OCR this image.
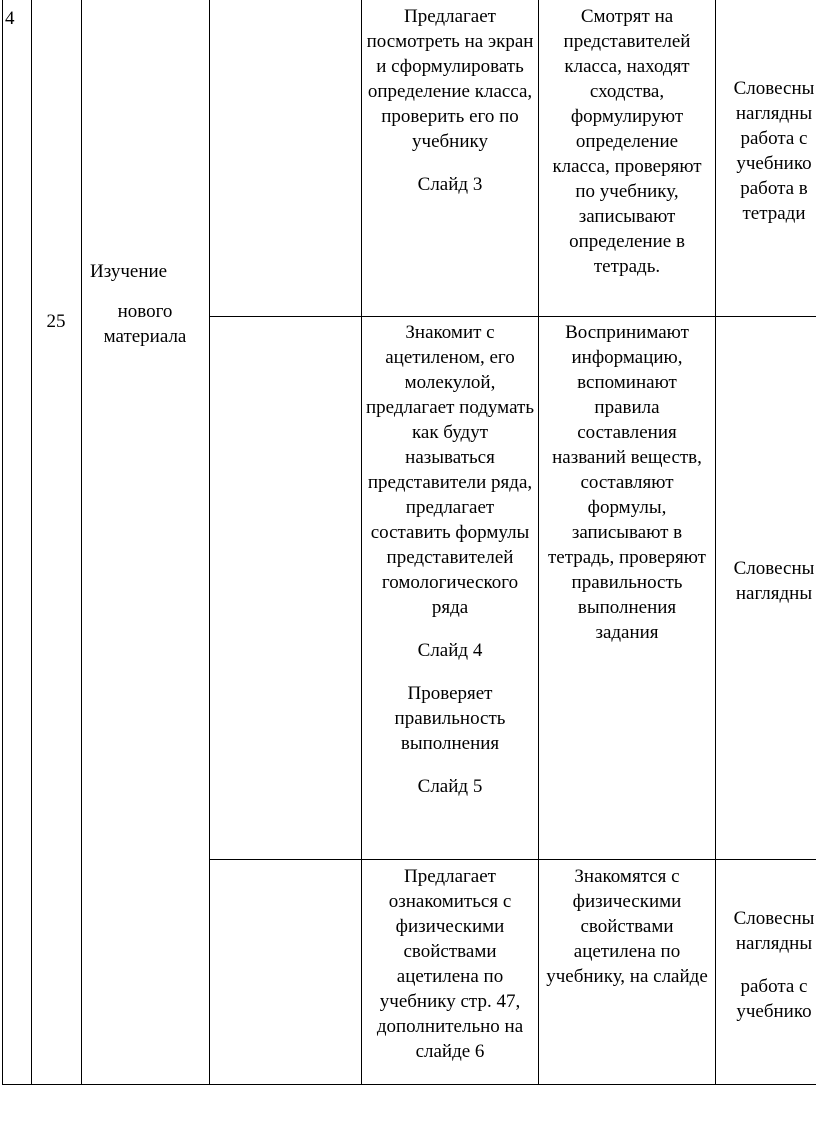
4
25

Изучение

нового материала

Предлагает посмотреть на экран и сформулировать определение класса, проверить его по учебнику

Слайд 3

Смотрят на представителей класса, находят сходства, формулируют определение класса, проверяют по учебнику, записывают определение в тетрадь.

Словесны наглядны работа с учебнико работа в тетради

Знакомит с ацетиленом, его молекулой, предлагает подумать как будут называться представители ряда, предлагает составить формулы представителей гомологического ряда

Слайд 4

Проверяет правильность выполнения

Слайд 5

Воспринимают информацию, вспоминают правила составления названий веществ, составляют формулы, записывают в тетрадь, проверяют правильность выполнения задания

Словесны наглядны

Предлагает ознакомиться с физическими свойствами ацетилена по учебнику стр. 47, дополнительно на слайде 6

Знакомятся с физическими свойствами ацетилена по учебнику, на слайде

Словесны наглядны

работа с учебнико
